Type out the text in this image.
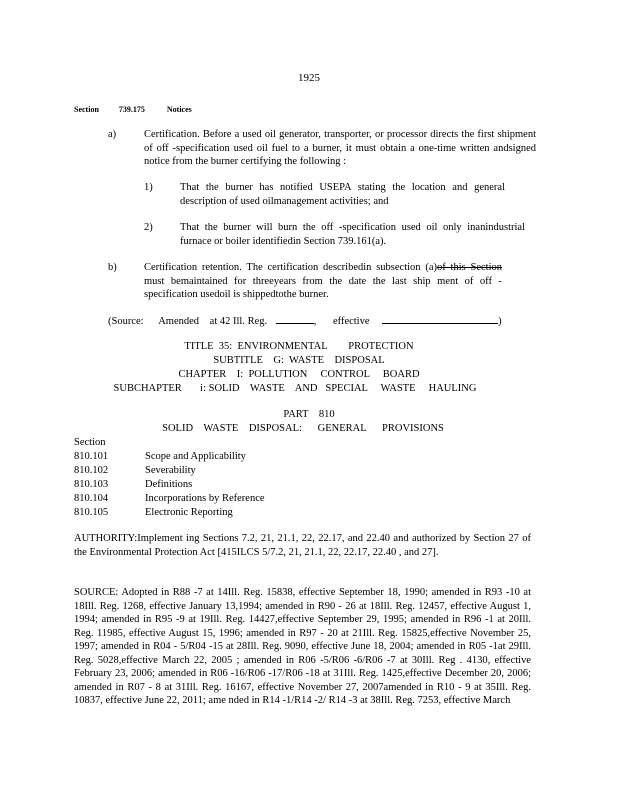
1925
Section	739.175	Notices
a)	Certification. Before a used oil generator, transporter, or processor directs the first shipment of off -specification used oil fuel to a burner, it must obtain a one-time written andsigned notice from the burner certifying the following :
1)	That the burner has notified USEPA stating the location and general description of used oilmanagement activities; and
2)	That the burner will burn the off -specification used oil only inanindustrial furnace or boiler identifiedin Section 739.161(a).
b)	Certification retention. The certification describedin subsection (a)of this Section must bemaintained for threeyears from the date the last ship ment of off - specification usedoil is shippedtothe burner.
(Source: Amended at 42 Ill. Reg.	, effective	)
TITLE  35:  ENVIRONMENTAL        PROTECTION
SUBTITLE    G:  WASTE    DISPOSAL
CHAPTER    I:  POLLUTION     CONTROL     BOARD
SUBCHAPTER       i: SOLID    WASTE    AND   SPECIAL     WASTE     HAULING
PART    810
SOLID    WASTE    DISPOSAL:      GENERAL      PROVISIONS
Section
810.101	Scope and Applicability
810.102	Severability
810.103	Definitions
810.104	Incorporations by Reference
810.105	Electronic Reporting
AUTHORITY:Implement ing Sections 7.2, 21, 21.1, 22, 22.17, and 22.40 and authorized by Section 27 of the Environmental Protection Act [415ILCS 5/7.2, 21, 21.1, 22, 22.17, 22.40 , and 27].
SOURCE: Adopted in R88 -7 at 14Ill. Reg. 15838, effective September 18, 1990; amended in R93 -10 at 18Ill. Reg. 1268, effective January 13,1994; amended in R90 - 26 at 18Ill. Reg. 12457, effective August 1, 1994; amended in R95 -9 at 19Ill. Reg. 14427,effective September 29, 1995; amended in R96 -1 at 20Ill. Reg. 11985, effective August 15, 1996; amended in R97 - 20 at 21Ill. Reg. 15825,effective November 25, 1997; amended in R04 - 5/R04 -15 at 28Ill. Reg. 9090, effective June 18, 2004; amended in R05 -1at 29Ill. Reg. 5028,effective March 22, 2005 ; amended in R06 -5/R06 -6/R06 -7 at 30Ill. Reg . 4130, effective February 23, 2006; amended in R06 -16/R06 -17/R06 -18 at 31Ill. Reg. 1425,effective December 20, 2006; amended in R07 - 8 at 31Ill. Reg. 16167, effective November 27, 2007amended in R10 - 9 at 35Ill. Reg. 10837, effective June 22, 2011; ame nded in R14 -1/R14 -2/ R14 -3 at 38Ill. Reg. 7253, effective March
